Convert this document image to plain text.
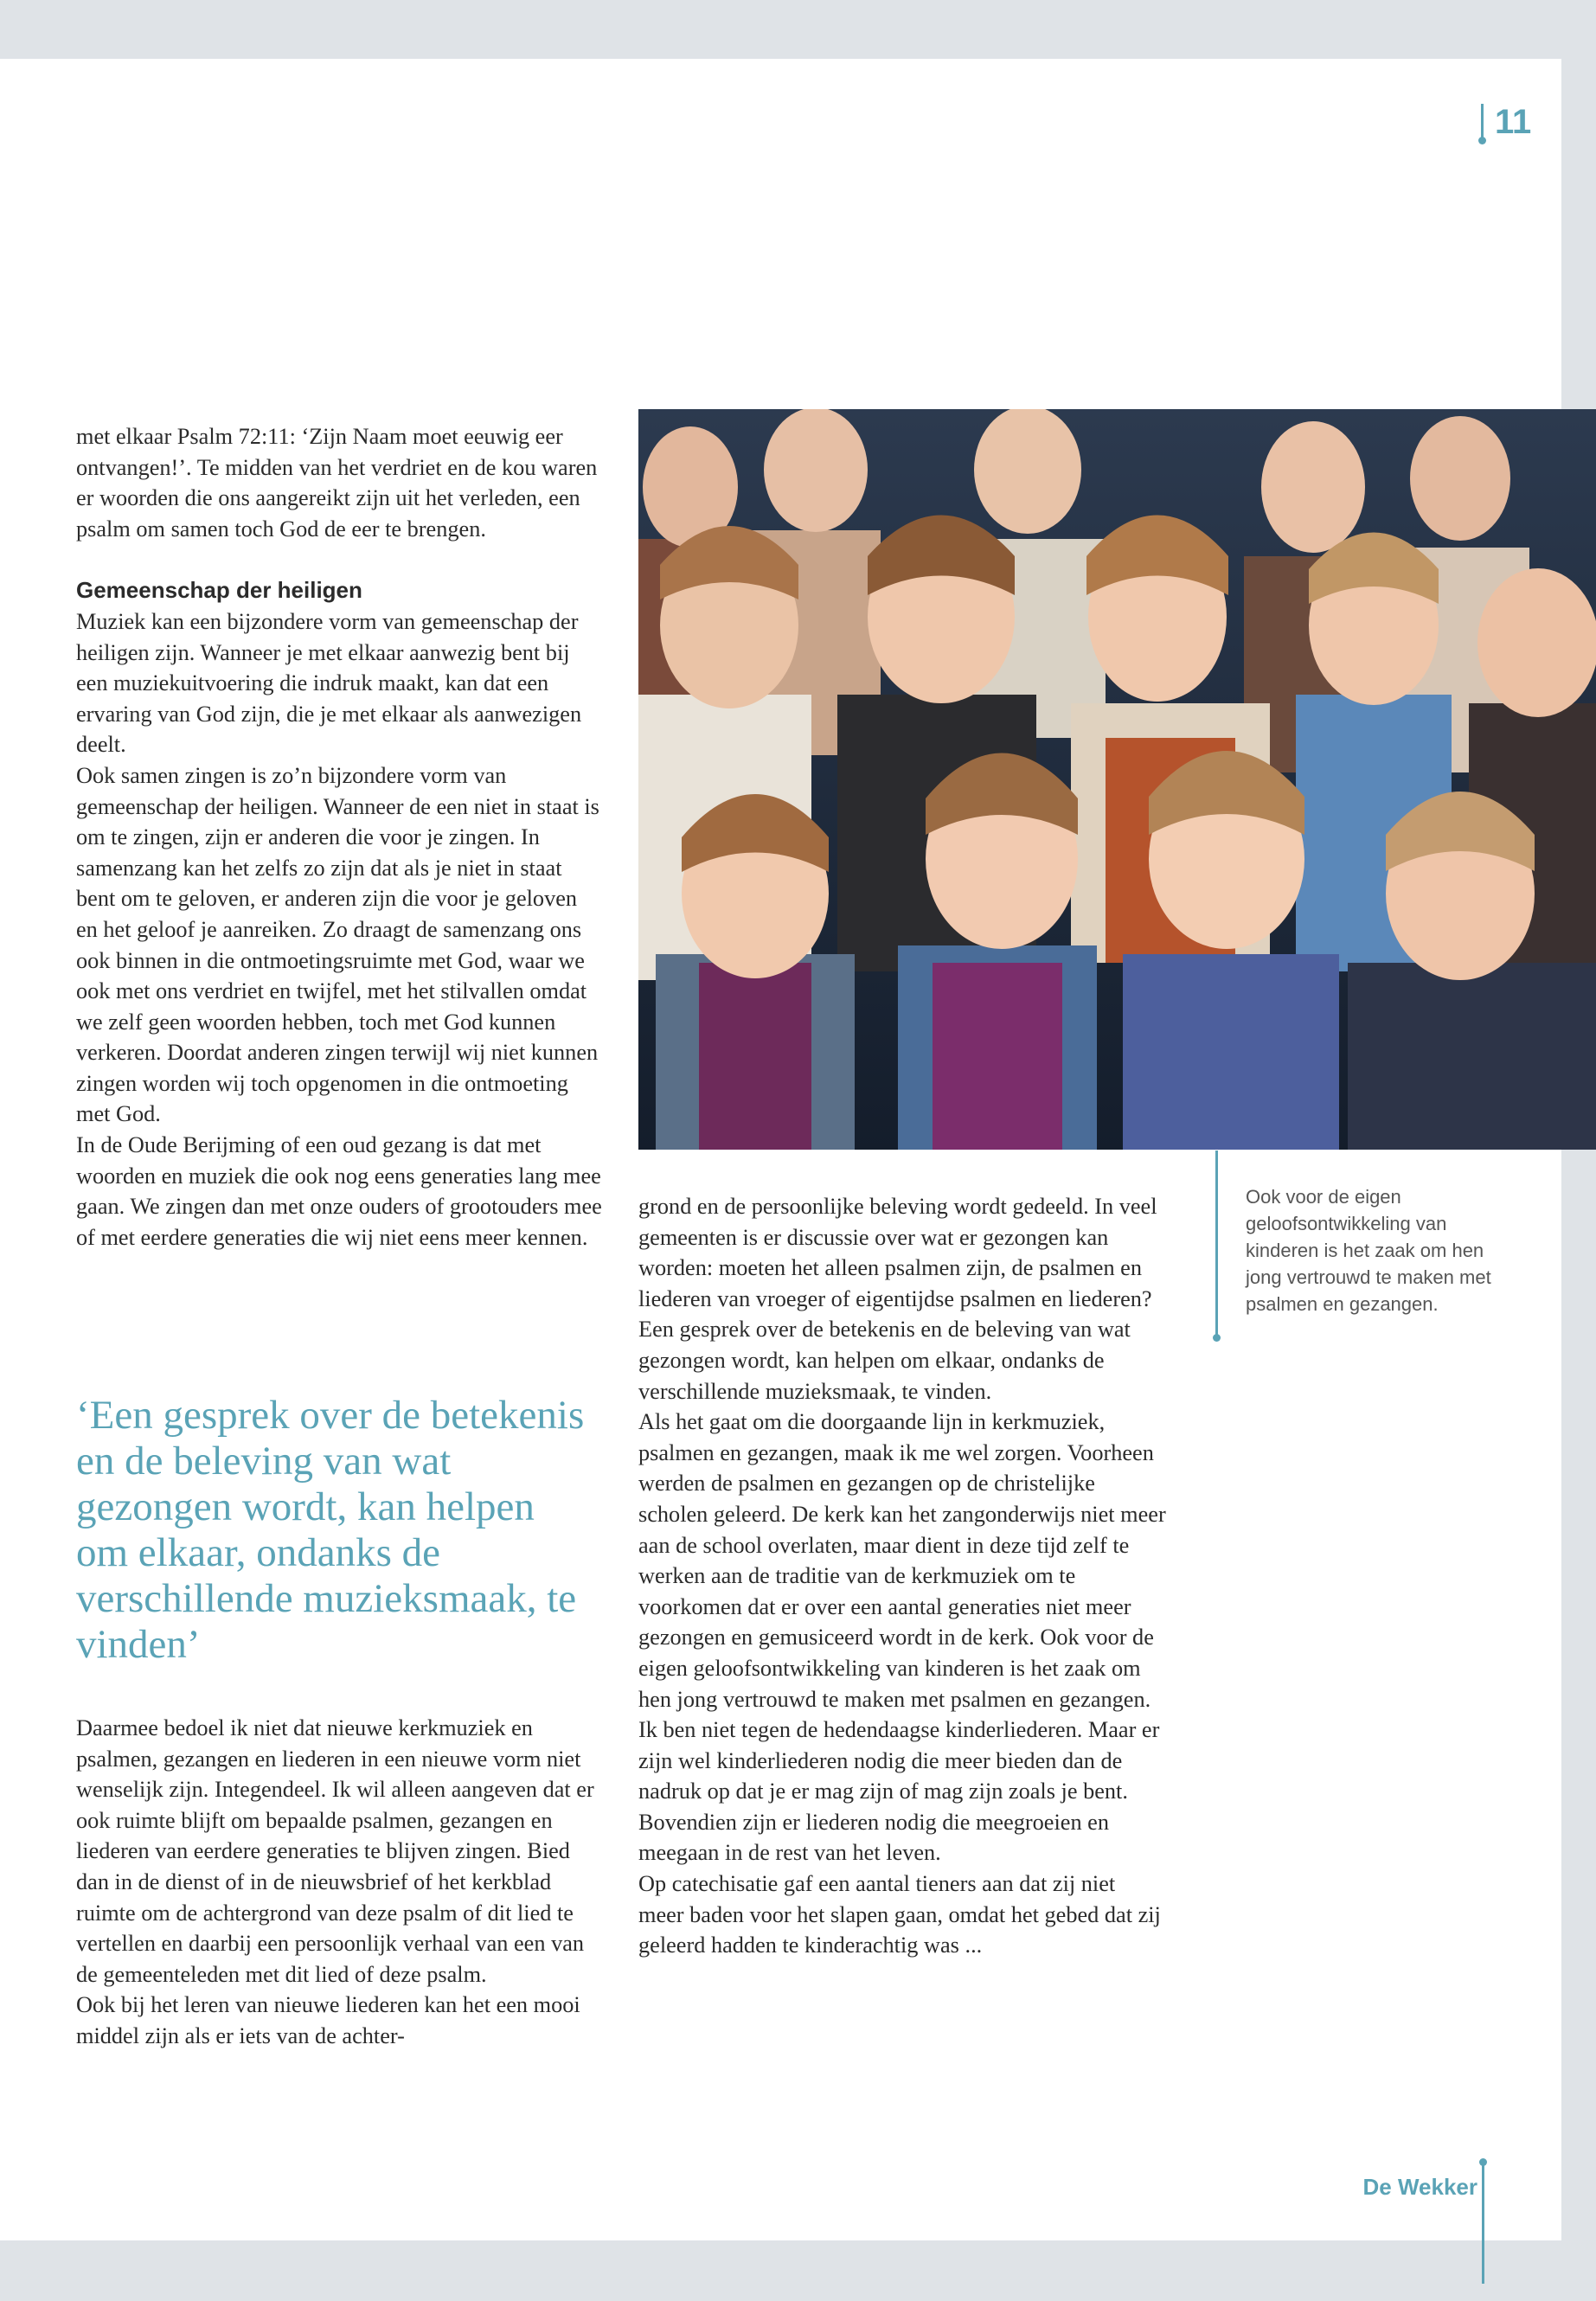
11

met elkaar Psalm 72:11: ‘Zijn Naam moet eeuwig eer ontvangen!’. Te midden van het verdriet en de kou waren er woorden die ons aangereikt zijn uit het verleden, een psalm om samen toch God de eer te brengen.

Gemeenschap der heiligen

Muziek kan een bijzondere vorm van gemeenschap der heiligen zijn. Wanneer je met elkaar aanwezig bent bij een muziekuitvoering die indruk maakt, kan dat een ervaring van God zijn, die je met elkaar als aanwezigen deelt.

Ook samen zingen is zo’n bijzondere vorm van gemeenschap der heiligen. Wanneer de een niet in staat is om te zingen, zijn er anderen die voor je zingen. In samenzang kan het zelfs zo zijn dat als je niet in staat bent om te geloven, er anderen zijn die voor je geloven en het geloof je aanreiken. Zo draagt de samenzang ons ook binnen in die ontmoetingsruimte met God, waar we ook met ons verdriet en twijfel, met het stilvallen omdat we zelf geen woorden hebben, toch met God kunnen verkeren. Doordat anderen zingen terwijl wij niet kunnen zingen worden wij toch opgenomen in die ontmoeting met God.

In de Oude Berijming of een oud gezang is dat met woorden en muziek die ook nog eens generaties lang mee gaan. We zingen dan met onze ouders of grootouders mee of met eerdere generaties die wij niet eens meer kennen.

‘Een gesprek over de betekenis en de beleving van wat gezongen wordt, kan helpen om elkaar, ondanks de verschillende muzieksmaak, te vinden’

Daarmee bedoel ik niet dat nieuwe kerkmuziek en psalmen, gezangen en liederen in een nieuwe vorm niet wenselijk zijn. Integendeel. Ik wil alleen aangeven dat er ook ruimte blijft om bepaalde psalmen, gezangen en liederen van eerdere generaties te blijven zingen. Bied dan in de dienst of in de nieuwsbrief of het kerkblad ruimte om de achtergrond van deze psalm of dit lied te vertellen en daarbij een persoonlijk verhaal van een van de gemeenteleden met dit lied of deze psalm.

Ook bij het leren van nieuwe liederen kan het een mooi middel zijn als er iets van de achter-

grond en de persoonlijke beleving wordt gedeeld. In veel gemeenten is er discussie over wat er gezongen kan worden: moeten het alleen psalmen zijn, de psalmen en liederen van vroeger of eigentijdse psalmen en liederen? Een gesprek over de betekenis en de beleving van wat gezongen wordt, kan helpen om elkaar, ondanks de verschillende muzieksmaak, te vinden.

Als het gaat om die doorgaande lijn in kerkmuziek, psalmen en gezangen, maak ik me wel zorgen. Voorheen werden de psalmen en gezangen op de christelijke scholen geleerd. De kerk kan het zangonderwijs niet meer aan de school overlaten, maar dient in deze tijd zelf te werken aan de traditie van de kerkmuziek om te voorkomen dat er over een aantal generaties niet meer gezongen en gemusiceerd wordt in de kerk. Ook voor de eigen geloofsontwikkeling van kinderen is het zaak om hen jong vertrouwd te maken met psalmen en gezangen. Ik ben niet tegen de hedendaagse kinderliederen. Maar er zijn wel kinderliederen nodig die meer bieden dan de nadruk op dat je er mag zijn of mag zijn zoals je bent. Bovendien zijn er liederen nodig die meegroeien en meegaan in de rest van het leven.

Op catechisatie gaf een aantal tieners aan dat zij niet meer baden voor het slapen gaan, omdat het gebed dat zij geleerd hadden te kinderachtig was ...

Ook voor de eigen geloofsontwikkeling van kinderen is het zaak om hen jong vertrouwd te maken met psalmen en gezangen.
De Wekker
